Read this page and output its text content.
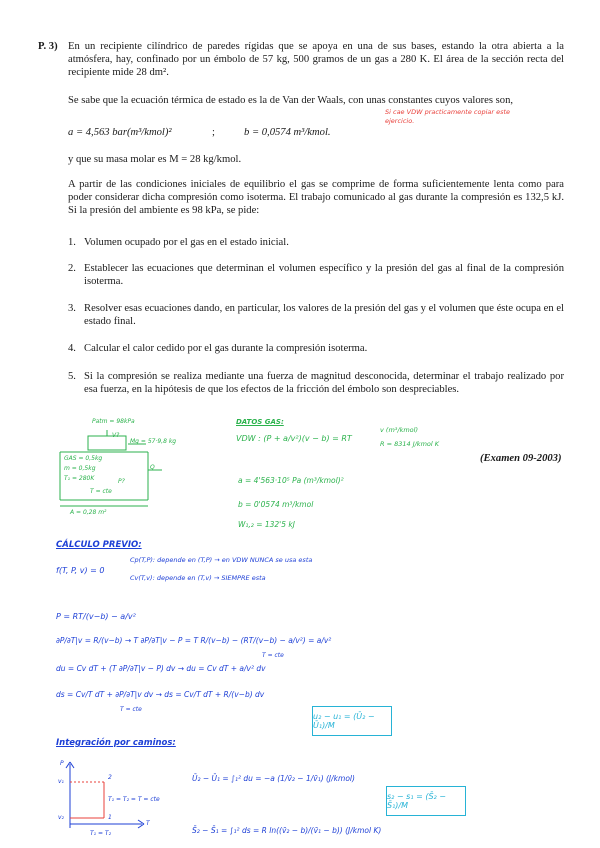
P. 3) En un recipiente cilíndrico de paredes rígidas que se apoya en una de sus bases, estando la otra abierta a la atmósfera, hay, confinado por un émbolo de 57 kg, 500 gramos de un gas a 280 K. El área de la sección recta del recipiente mide 28 dm².
Se sabe que la ecuación térmica de estado es la de Van der Waals, con unas constantes cuyos valores son,
a = 4,563 bar(m³/kmol)²	;	b = 0,0574 m³/kmol.
y que su masa molar es M = 28 kg/kmol.
A partir de las condiciones iniciales de equilibrio el gas se comprime de forma suficientemente lenta como para poder considerar dicha compresión como isoterma. El trabajo comunicado al gas durante la compresión es 132,5 kJ. Si la presión del ambiente es 98 kPa, se pide:
1. Volumen ocupado por el gas en el estado inicial.
2. Establecer las ecuaciones que determinan el volumen específico y la presión del gas al final de la compresión isoterma.
3. Resolver esas ecuaciones dando, en particular, los valores de la presión del gas y el volumen que éste ocupa en el estado final.
4. Calcular el calor cedido por el gas durante la compresión isoterma.
5. Si la compresión se realiza mediante una fuerza de magnitud desconocida, determinar el trabajo realizado por esa fuerza, en la hipótesis de que los efectos de la fricción del émbolo son despreciables.
(Examen 09-2003)
Si cae VDW practicamente copiar este ejercicio.
Patm = 98kPa
V?
Mg = 57·9,8 kg
GAS = 0,5kg
m = 0,5kg	Q
T₁ = 280K	P?
T = cte
A = 0,28 m²
DATOS GAS:
VDW : (P + a/v²)(v − b) = RT
v (m³/kmol)
R = 8314 J/kmol K
a = 4'563·10⁵ Pa (m³/kmol)²
b = 0'0574 m³/kmol
W₁,₂ = 132'5 kJ
CÁLCULO PREVIO:
f(T, P, v) = 0
Cp(T,P): depende en (T,P) → en VDW NUNCA se usa esta
Cv(T,v): depende en (T,v) → SIEMPRE esta
P = RT/(v−b) − a/v²
∂P/∂T|v = R/(v−b) → T ∂P/∂T|v − P = T R/(v−b) − (RT/(v−b) − a/v²) = a/v²
T = cte
du = Cv dT + (T ∂P/∂T|v − P) dv → du = Cv dT + a/v² dv
ds = Cv/T dT + ∂P/∂T|v dv → ds = Cv/T dT + R/(v−b) dv
T = cte
u₂ − u₁ = (Ū₂ − Ū₁)/M
Integración por caminos:
P
T
2
1
v₁
v₂
T₁ = T₂ = T = cte
T₁ = T₂
Ū₂ − Ū₁ = ∫₁² du = −a (1/v̄₂ − 1/v̄₁) (J/kmol)
s₂ − s₁ = (S̄₂ − S̄₁)/M
S̄₂ − S̄₁ = ∫₁² ds = R ln((v̄₂ − b)/(v̄₁ − b)) (J/kmol K)
